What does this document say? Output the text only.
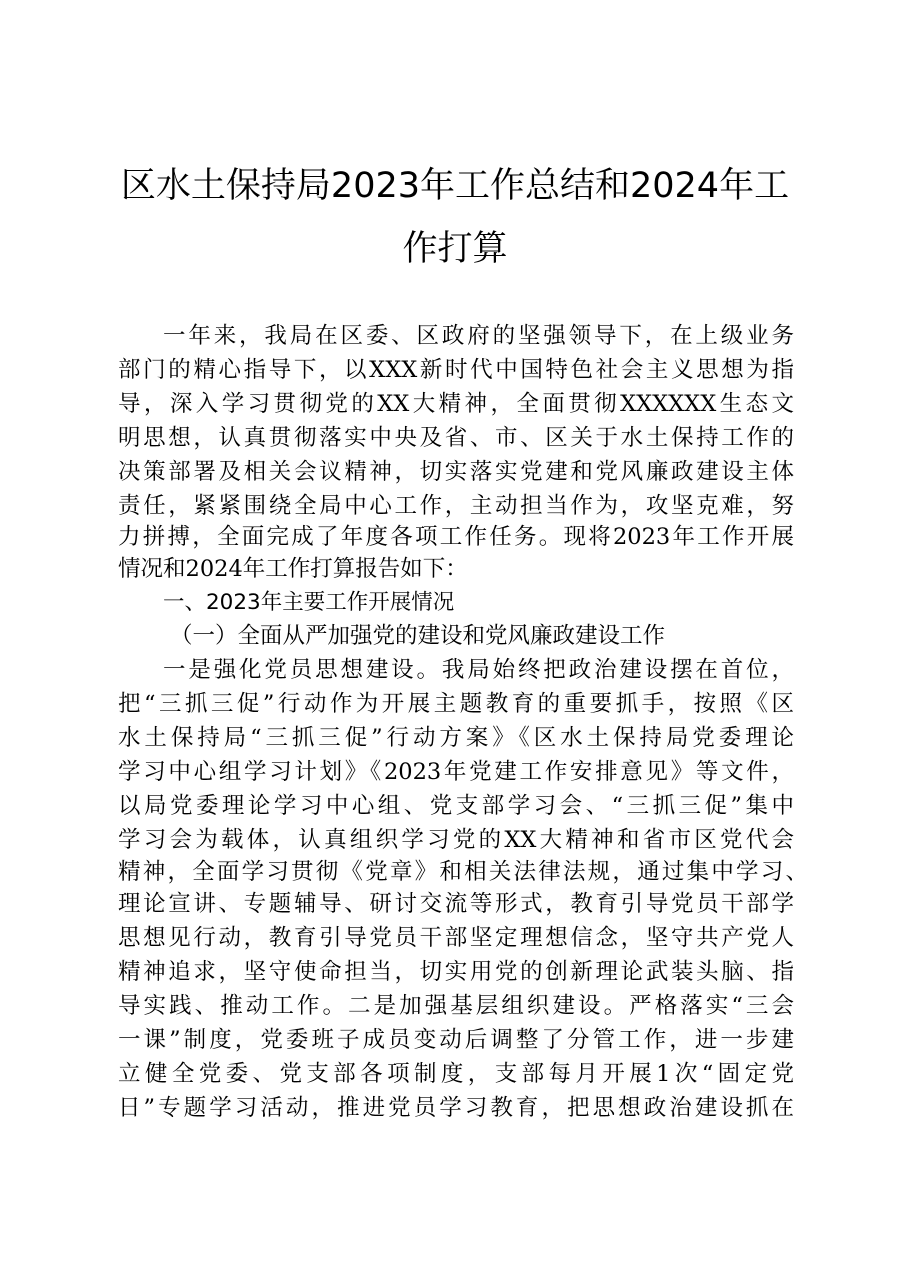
区水土保持局2023年工作总结和2024年工
作打算
一年来，我局在区委、区政府的坚强领导下，在上级业务
部门的精心指导下，以XXX新时代中国特色社会主义思想为指
导，深入学习贯彻党的XX大精神，全面贯彻XXXXXX生态文
明思想，认真贯彻落实中央及省、市、区关于水土保持工作的
决策部署及相关会议精神，切实落实党建和党风廉政建设主体
责任，紧紧围绕全局中心工作，主动担当作为，攻坚克难，努
力拼搏，全面完成了年度各项工作任务。现将2023年工作开展
情况和2024年工作打算报告如下：
一、2023年主要工作开展情况
（一）全面从严加强党的建设和党风廉政建设工作
一是强化党员思想建设。我局始终把政治建设摆在首位，
把“三抓三促”行动作为开展主题教育的重要抓手，按照《区
水土保持局“三抓三促”行动方案》《区水土保持局党委理论
学习中心组学习计划》《2023年党建工作安排意见》等文件，
以局党委理论学习中心组、党支部学习会、“三抓三促”集中
学习会为载体，认真组织学习党的XX大精神和省市区党代会
精神，全面学习贯彻《党章》和相关法律法规，通过集中学习、
理论宣讲、专题辅导、研讨交流等形式，教育引导党员干部学
思想见行动，教育引导党员干部坚定理想信念，坚守共产党人
精神追求，坚守使命担当，切实用党的创新理论武装头脑、指
导实践、推动工作。二是加强基层组织建设。严格落实“三会
一课”制度，党委班子成员变动后调整了分管工作，进一步建
立健全党委、党支部各项制度，支部每月开展1次“固定党
日”专题学习活动，推进党员学习教育，把思想政治建设抓在
